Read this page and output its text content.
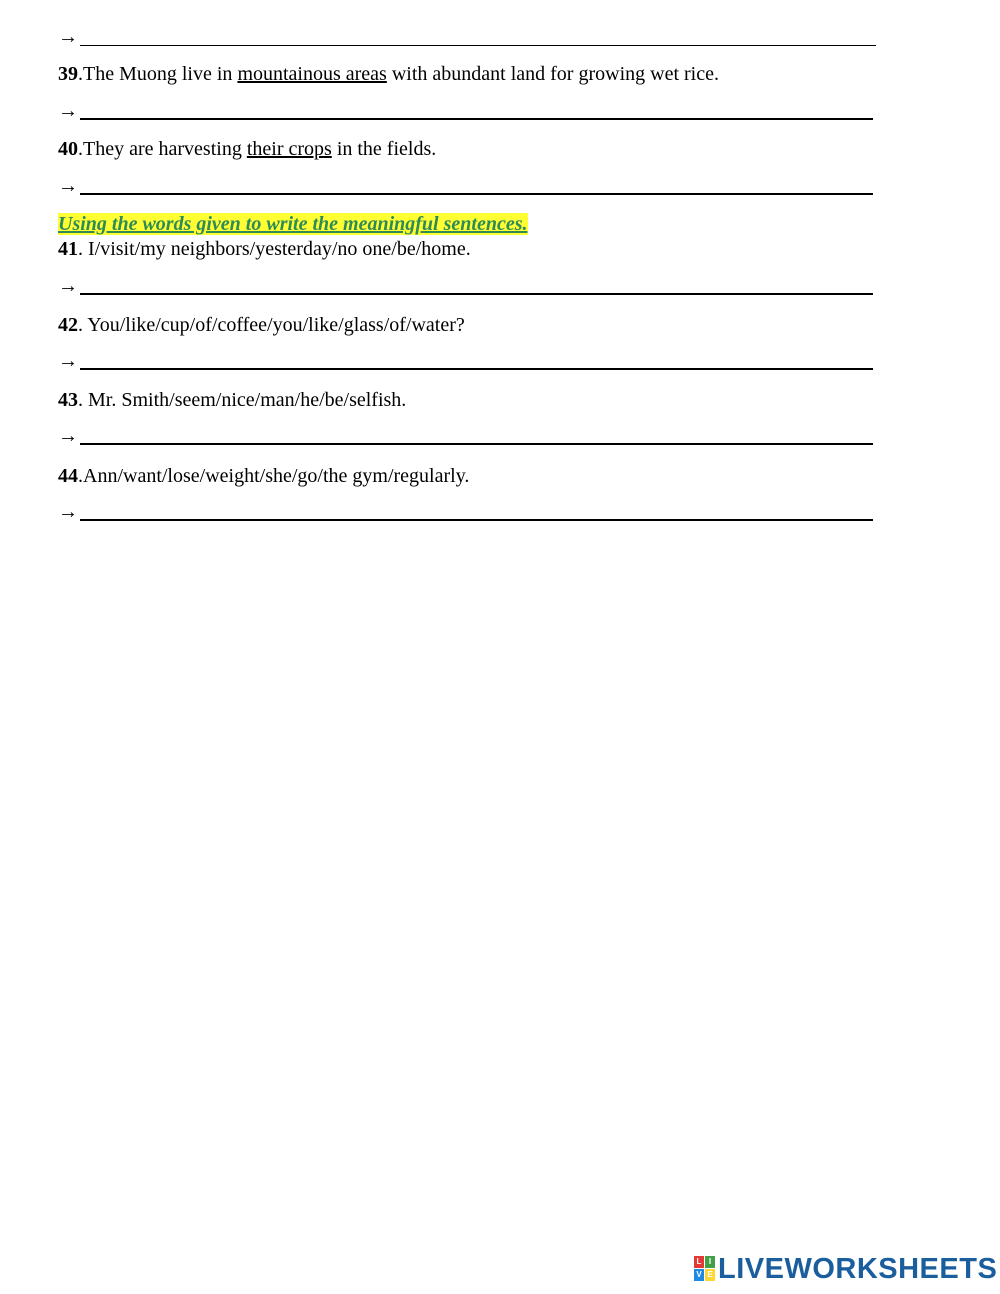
→
39.The Muong live in mountainous areas with abundant land for growing wet rice.
→
40.They are harvesting their crops in the fields.
→
Using the words given to write the meaningful sentences.
41. I/visit/my neighbors/yesterday/no one/be/home.
→
42. You/like/cup/of/coffee/you/like/glass/of/water?
→
43. Mr. Smith/seem/nice/man/he/be/selfish.
→
44.Ann/want/lose/weight/she/go/the gym/regularly.
→
L I
V E LIVEWORKSHEETS
